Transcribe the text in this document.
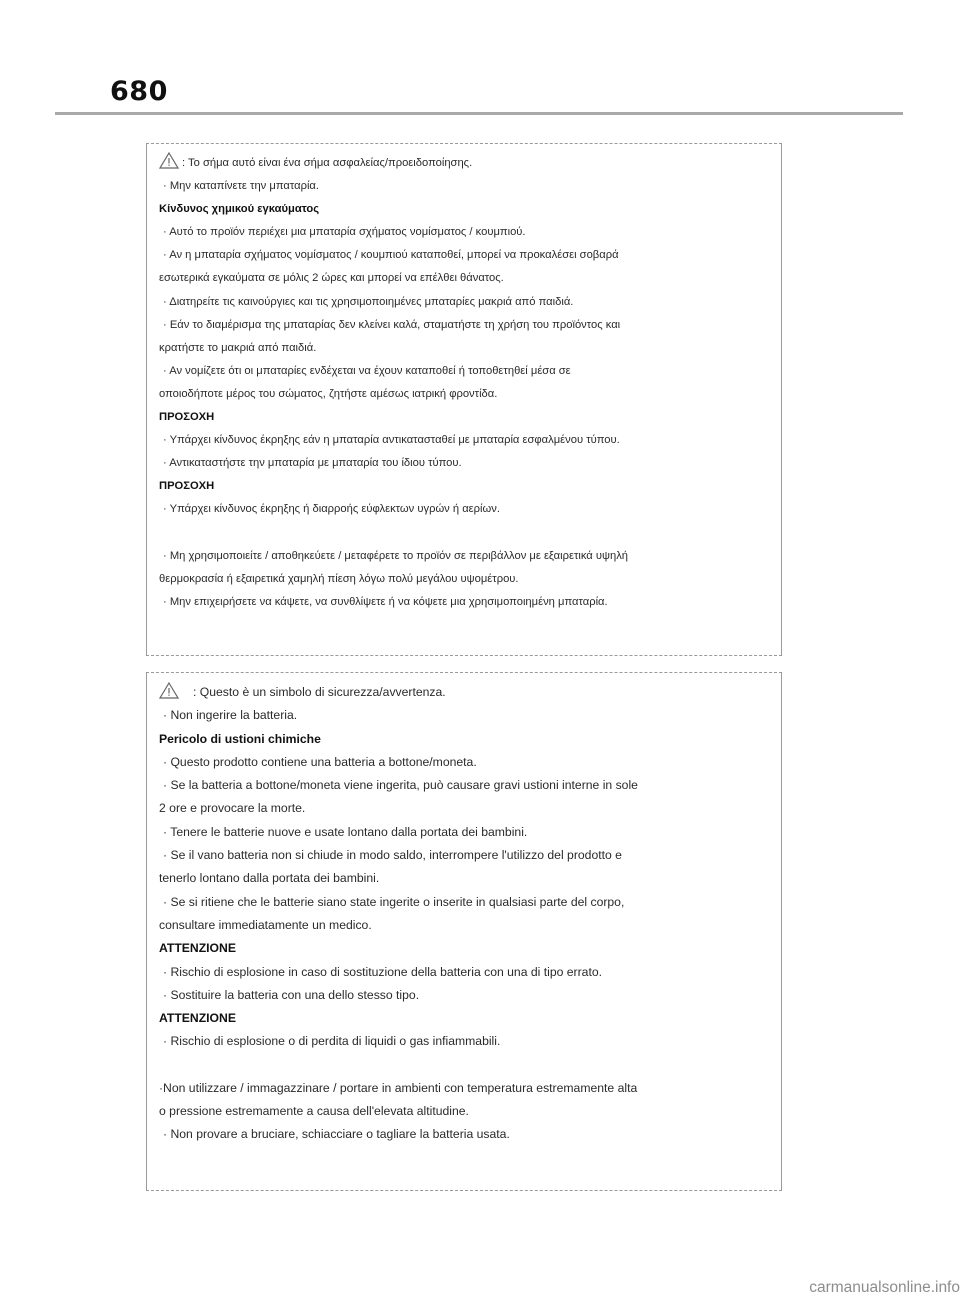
680
: Το σήμα αυτό είναι ένα σήμα ασφαλείας/προειδοποίησης.
· Μην καταπίνετε την μπαταρία.
Κίνδυνος χημικού εγκαύματος
· Αυτό το προϊόν περιέχει μια μπαταρία σχήματος νομίσματος / κουμπιού.
· Αν η μπαταρία σχήματος νομίσματος / κουμπιού καταποθεί, μπορεί να προκαλέσει σοβαρά
εσωτερικά εγκαύματα σε μόλις 2 ώρες και μπορεί να επέλθει θάνατος.
· Διατηρείτε τις καινούργιες και τις χρησιμοποιημένες μπαταρίες μακριά από παιδιά.
· Εάν το διαμέρισμα της μπαταρίας δεν κλείνει καλά, σταματήστε τη χρήση του προϊόντος και
κρατήστε το μακριά από παιδιά.
· Αν νομίζετε ότι οι μπαταρίες ενδέχεται να έχουν καταποθεί ή τοποθετηθεί μέσα σε
οποιοδήποτε μέρος του σώματος, ζητήστε αμέσως ιατρική φροντίδα.
ΠΡΟΣΟΧΗ
· Υπάρχει κίνδυνος έκρηξης εάν η μπαταρία αντικατασταθεί με μπαταρία εσφαλμένου τύπου.
· Αντικαταστήστε την μπαταρία με μπαταρία του ίδιου τύπου.
ΠΡΟΣΟΧΗ
· Υπάρχει κίνδυνος έκρηξης ή διαρροής εύφλεκτων υγρών ή αερίων.
· Μη χρησιμοποιείτε / αποθηκεύετε / μεταφέρετε το προϊόν σε περιβάλλον με εξαιρετικά υψηλή
θερμοκρασία ή εξαιρετικά χαμηλή πίεση λόγω πολύ μεγάλου υψομέτρου.
· Μην επιχειρήσετε να κάψετε, να συνθλίψετε ή να κόψετε μια χρησιμοποιημένη μπαταρία.
: Questo è un simbolo di sicurezza/avvertenza.
· Non ingerire la batteria.
Pericolo di ustioni chimiche
· Questo prodotto contiene una batteria a bottone/moneta.
· Se la batteria a bottone/moneta viene ingerita, può causare gravi ustioni interne in sole
2 ore e provocare la morte.
· Tenere le batterie nuove e usate lontano dalla portata dei bambini.
· Se il vano batteria non si chiude in modo saldo, interrompere l'utilizzo del prodotto e
tenerlo lontano dalla portata dei bambini.
· Se si ritiene che le batterie siano state ingerite o inserite in qualsiasi parte del corpo,
consultare immediatamente un medico.
ATTENZIONE
· Rischio di esplosione in caso di sostituzione della batteria con una di tipo errato.
· Sostituire la batteria con una dello stesso tipo.
ATTENZIONE
· Rischio di esplosione o di perdita di liquidi o gas infiammabili.
·Non utilizzare / immagazzinare / portare in ambienti con temperatura estremamente alta
o pressione estremamente a causa dell'elevata altitudine.
· Non provare a bruciare, schiacciare o tagliare la batteria usata.
carmanualsonline.info
